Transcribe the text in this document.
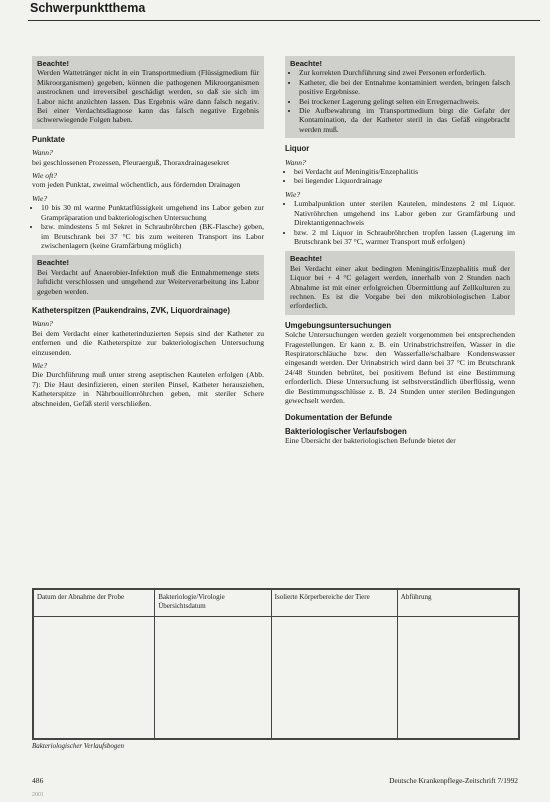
Schwerpunktthema
Beachte!

Werden Wattetränger nicht in ein Transportmedium (Flüssigmedium für Mikroorganismen) gegeben, können die pathogenen Mikroorganismen austrocknen und irreversibel geschädigt werden, so daß sie sich im Labor nicht anzüchten lassen. Das Ergebnis wäre dann falsch negativ. Bei einer Verdachtsdiagnose kann das falsch negative Ergebnis schwerwiegende Folgen haben.

Punktate
Wann?

bei geschlossenen Prozessen, Pleuraerguß, Thoraxdrainagesekret

Wie oft?

vom jeden Punktat, zweimal wöchentlich, aus fördernden Drainagen

Wie?
• 10 bis 30 ml warme Punktatflüssigkeit umgehend ins Labor geben zur Grampräparation und bakteriologischen Untersuchung
• bzw. mindestens 5 ml Sekret in Schraubröhrchen (BK-Flasche) geben, im Brutschrank bei 37 °C bis zum weiteren Transport ins Labor zwischenlagern (keine Gramfärbung möglich)
Beachte!

Bei Verdacht auf Anaerobier-Infektion muß die Entnahmemenge stets luftdicht verschlossen und umgehend zur Weiterverarbeitung ins Labor gegeben werden.

Katheterspitzen (Paukendrains, ZVK, Liquordrainage)
Wann?

Bei dem Verdacht einer katheterinduzierten Sepsis sind der Katheter zu entfernen und die Katheterspitze zur bakteriologischen Untersuchung einzusenden.

Wie?

Die Durchführung muß unter streng aseptischen Kautelen erfolgen (Abb. 7): Die Haut desinfizieren, einen sterilen Pinsel, Katheter herausziehen, Katheterspitze in Nährbouillonröhrchen geben, mit steriler Schere abschneiden, Gefäß steril verschließen.

Beachte!
• Zur korrekten Durchführung sind zwei Personen erforderlich.
• Katheter, die bei der Entnahme kontaminiert werden, bringen falsch positive Ergebnisse.
• Bei trockener Lagerung gelingt selten ein Erregernachweis.
• Die Aufbewahrung im Transportmedium birgt die Gefahr der Kontamination, da der Katheter steril in das Gefäß eingebracht werden muß.
Liquor
Wann?
• bei Verdacht auf Meningitis/Enzephalitis
• bei liegender Liquordrainage
Wie?
• Lumbalpunktion unter sterilen Kautelen, mindestens 2 ml Liquor. Nativröhrchen umgehend ins Labor geben zur Gramfärbung und Direktantigennachweis
• bzw. 2 ml Liquor in Schraubröhrchen tropfen lassen (Lagerung im Brutschrank bei 37 °C, warmer Transport muß erfolgen)
Beachte!

Bei Verdacht einer akut bedingten Meningitis/Enzephalitis muß der Liquor bei + 4 °C gelagert werden, innerhalb von 2 Stunden nach Abnahme ist mit einer erfolgreichen Übermittlung auf Zellkulturen zu rechnen. Es ist die Vorgabe bei den mikrobiologischen Labor erforderlich.

Umgebungsuntersuchungen

Solche Untersuchungen werden gezielt vorgenommen bei entsprechenden Fragestellungen. Er kann z. B. ein Urinabstrichstreifen, Wasser in die Respiratorschläuche bzw. den Wasserfalle/schalbare Kondenswasser eingesandt werden. Der Urinabstrich wird dann bei 37 °C im Brutschrank 24/48 Stunden bebrütet, bei positivem Befund ist eine Bestimmung erforderlich. Diese Untersuchung ist selbstverständlich überflüssig, wenn die Bestimmungsschlüsse z. B. 24 Stunden unter sterilen Bedingungen gewechselt werden.

Dokumentation der Befunde
Bakteriologischer Verlaufsbogen

Eine Übersicht der bakteriologischen Befunde bietet der

Datum der Abnahme der Probe	Bakteriologie/Virologie Übersichtsdatum	Isolierte Körperbereiche der Tiere	Abführung

Bakteriologischer Verlaufsbogen
486	Deutsche Krankenpflege-Zeitschrift 7/1992
2001
